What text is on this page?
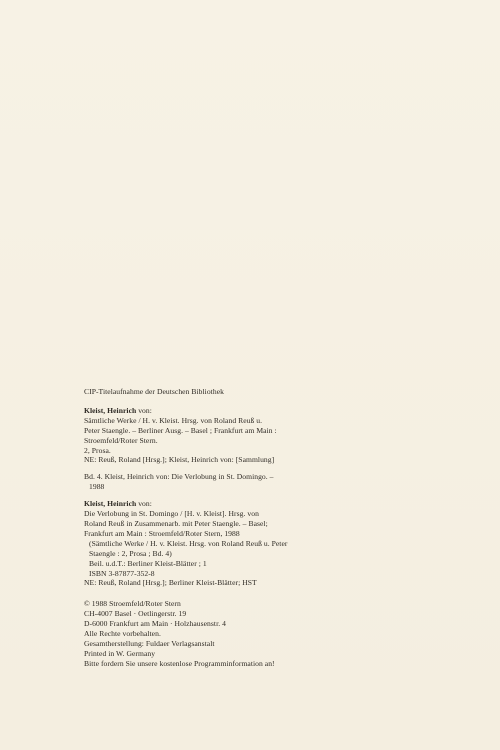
CIP-Titelaufnahme der Deutschen Bibliothek
Kleist, Heinrich von:
Sämtliche Werke / H. v. Kleist. Hrsg. von Roland Reuß u.
Peter Staengle. – Berliner Ausg. – Basel ; Frankfurt am Main :
Stroemfeld/Roter Stern.
2, Prosa.
NE: Reuß, Roland [Hrsg.]; Kleist, Heinrich von: [Sammlung]
Bd. 4. Kleist, Heinrich von: Die Verlobung in St. Domingo. –
1988
Kleist, Heinrich von:
Die Verlobung in St. Domingo / [H. v. Kleist]. Hrsg. von
Roland Reuß in Zusammenarb. mit Peter Staengle. – Basel;
Frankfurt am Main : Stroemfeld/Roter Stern, 1988
(Sämtliche Werke / H. v. Kleist. Hrsg. von Roland Reuß u. Peter
Staengle : 2, Prosa ; Bd. 4)
Beil. u.d.T.: Berliner Kleist-Blätter ; 1
ISBN 3-87877-352-8
NE: Reuß, Roland [Hrsg.]; Berliner Kleist-Blätter; HST
© 1988 Stroemfeld/Roter Stern
CH-4007 Basel · Oetlingerstr. 19
D-6000 Frankfurt am Main · Holzhausenstr. 4
Alle Rechte vorbehalten.
Gesamtherstellung: Fuldaer Verlagsanstalt
Printed in W. Germany
Bitte fordern Sie unsere kostenlose Programminformation an!
